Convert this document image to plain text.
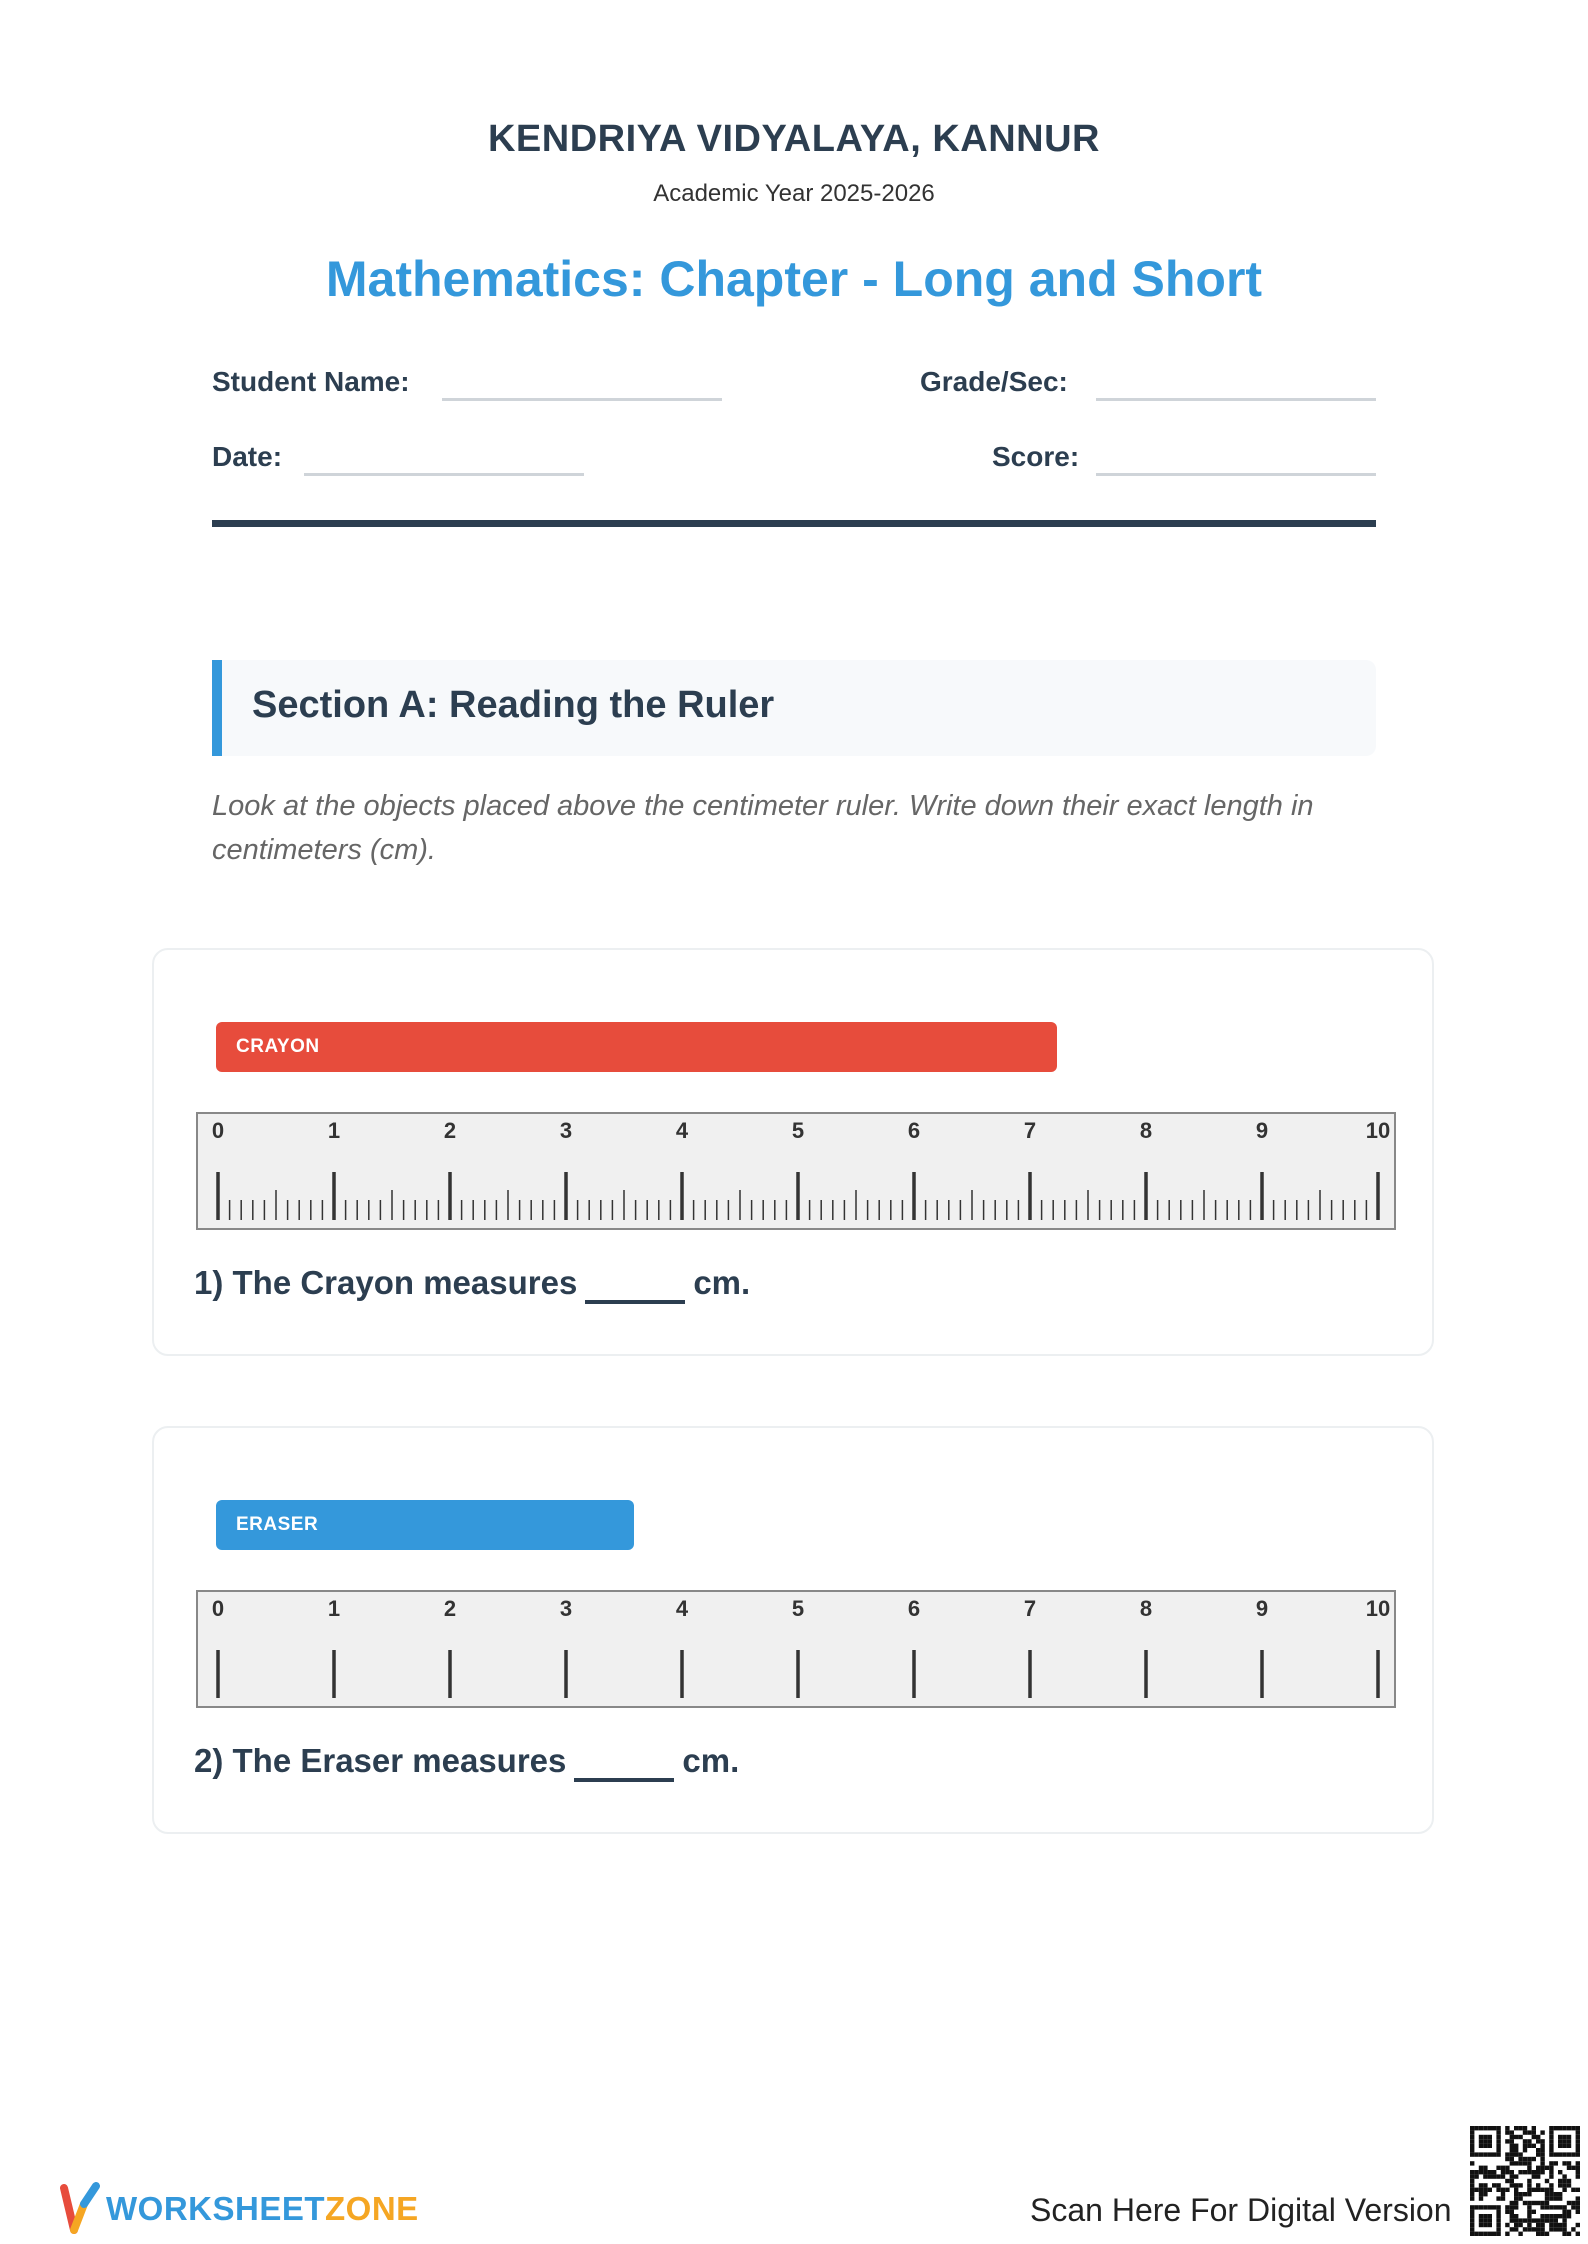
KENDRIYA VIDYALAYA, KANNUR
Academic Year 2025-2026
Mathematics: Chapter - Long and Short
Student Name:	Grade/Sec:
Date:	Score:
Section A: Reading the Ruler
Look at the objects placed above the centimeter ruler. Write down their exact length in centimeters (cm).
CRAYON
0	1	2	3	4	5	6	7	8	9	10
1) The Crayon measures	cm.
ERASER
0	1	2	3	4	5	6	7	8	9	10
2) The Eraser measures	cm.
WORKSHEETZONE	Scan Here For Digital Version
